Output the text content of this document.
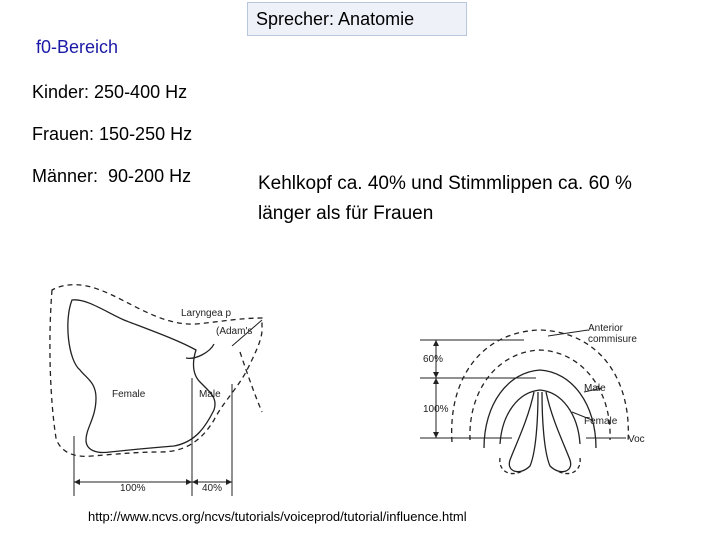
Sprecher: Anatomie
f0-Bereich
Kinder: 250-400 Hz
Frauen: 150-250 Hz
Männer:  90-200 Hz	Kehlkopf ca. 40% und Stimmlippen ca. 60 % länger als für Frauen
Laryngea p
(Adam's
Female	Male
100%	40%
Anterior
commisure
Male
Female
Voc
60%
100%
http://www.ncvs.org/ncvs/tutorials/voiceprod/tutorial/influence.html
